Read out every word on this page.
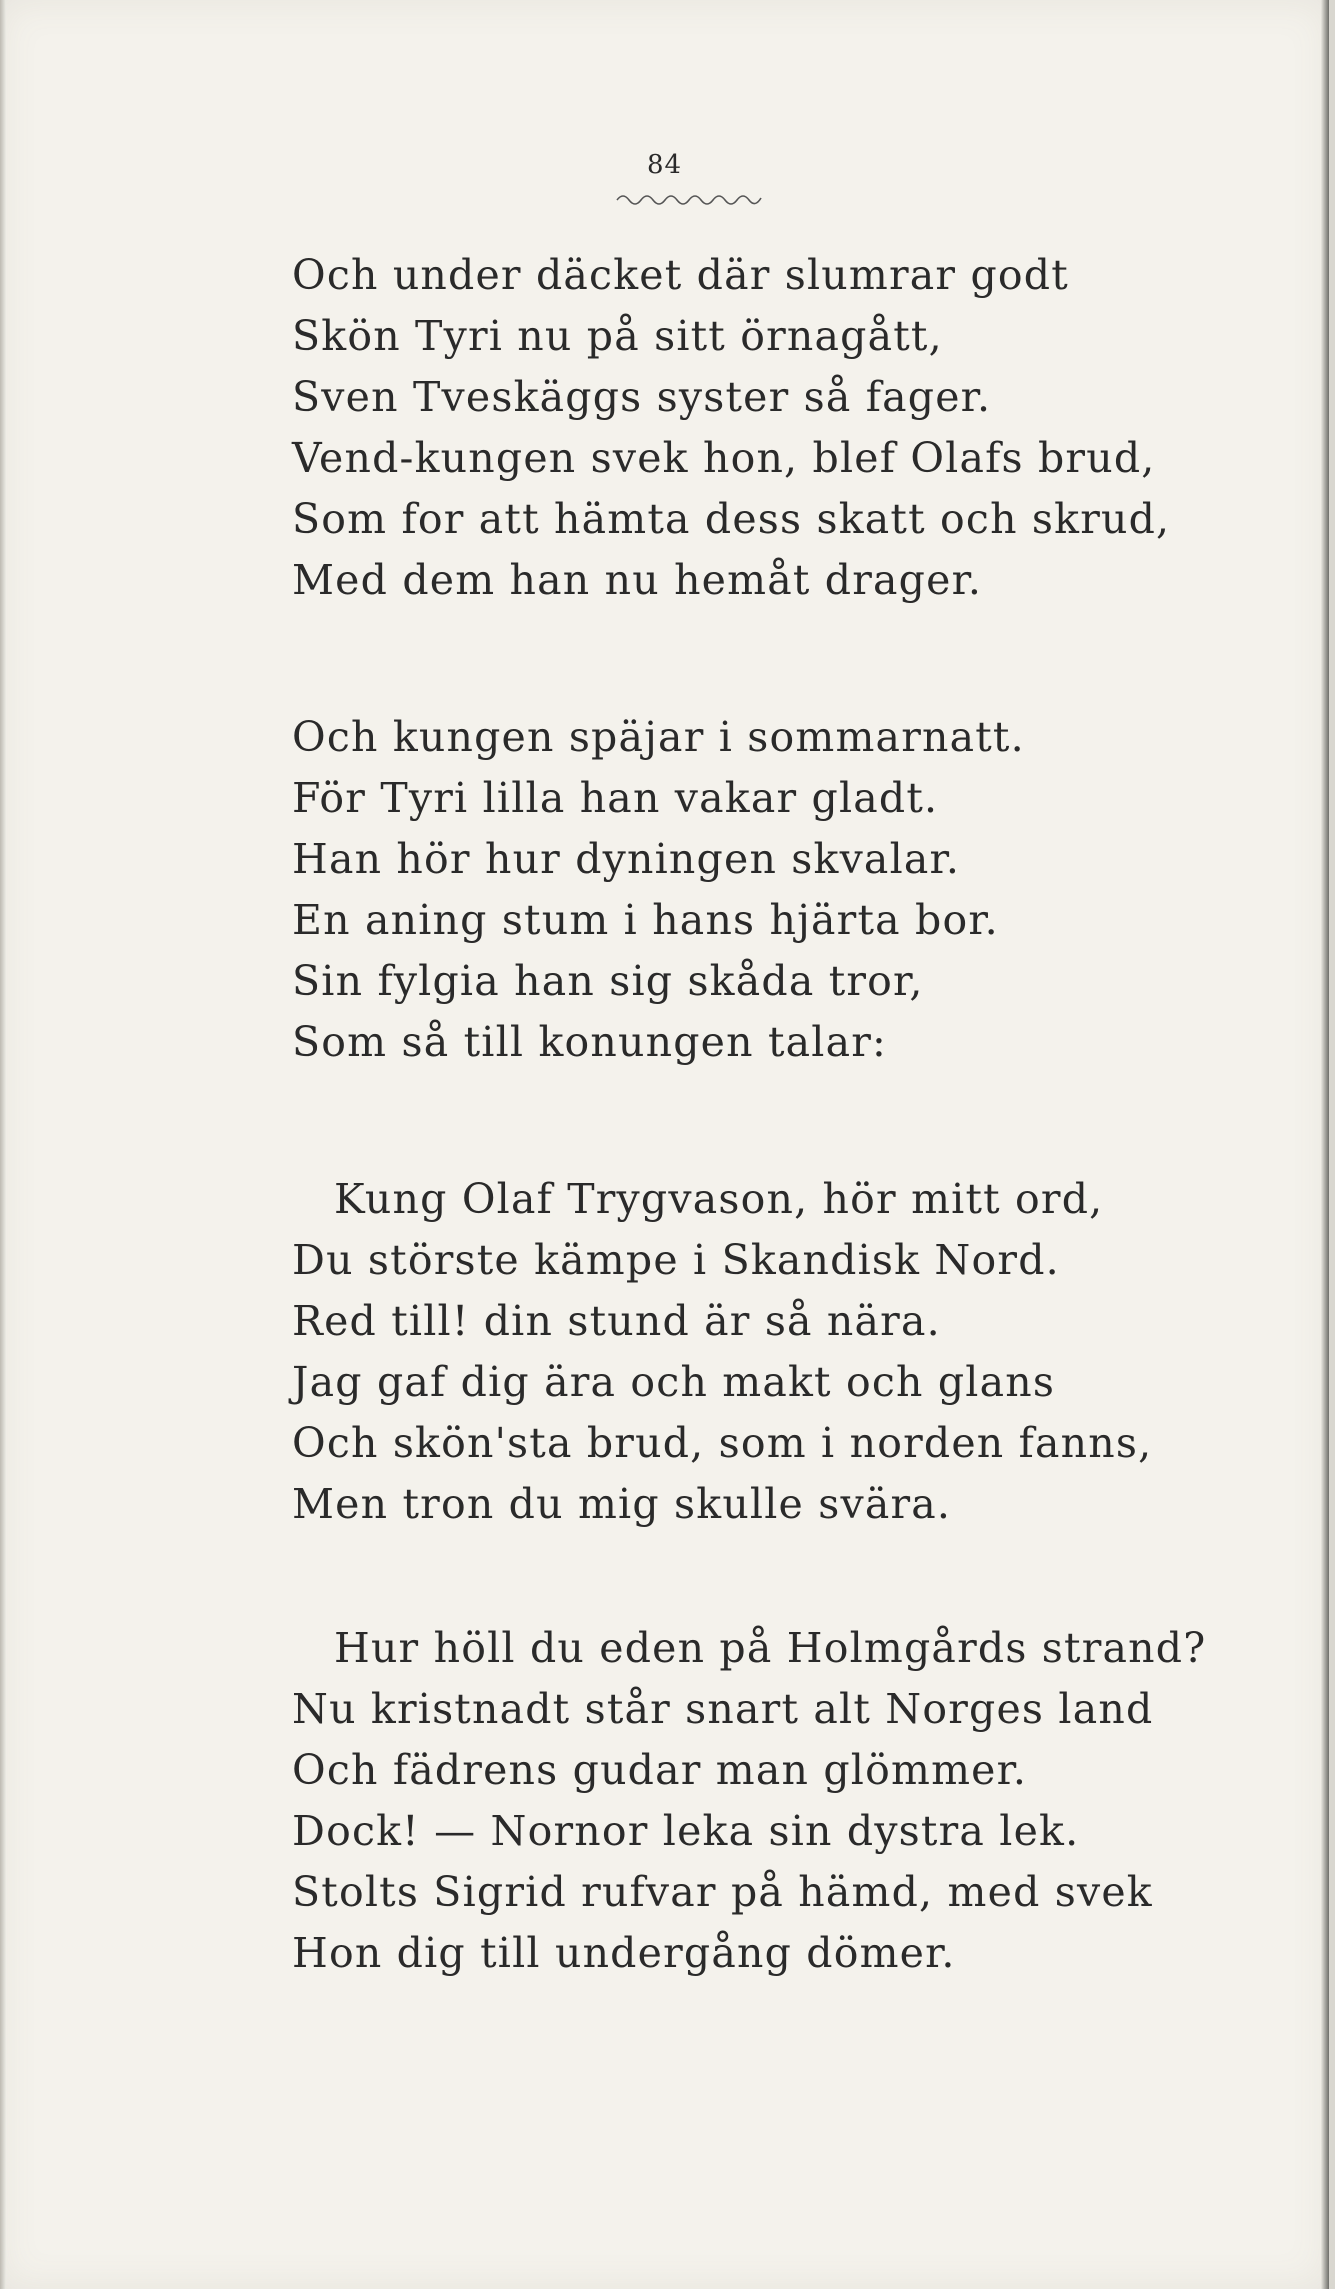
84
Och under däcket där slumrar godt
Skön Tyri nu på sitt örnagått,
Sven Tveskäggs syster så fager.
Vend-kungen svek hon, blef Olafs brud,
Som for att hämta dess skatt och skrud,
Med dem han nu hemåt drager.
Och kungen späjar i sommarnatt.
För Tyri lilla han vakar gladt.
Han hör hur dyningen skvalar.
En aning stum i hans hjärta bor.
Sin fylgia han sig skåda tror,
Som så till konungen talar:
Kung Olaf Trygvason, hör mitt ord,
Du störste kämpe i Skandisk Nord.
Red till! din stund är så nära.
Jag gaf dig ära och makt och glans
Och skön'sta brud, som i norden fanns,
Men tron du mig skulle svära.
Hur höll du eden på Holmgårds strand?
Nu kristnadt står snart alt Norges land
Och fädrens gudar man glömmer.
Dock! — Nornor leka sin dystra lek.
Stolts Sigrid rufvar på hämd, med svek
Hon dig till undergång dömer.
